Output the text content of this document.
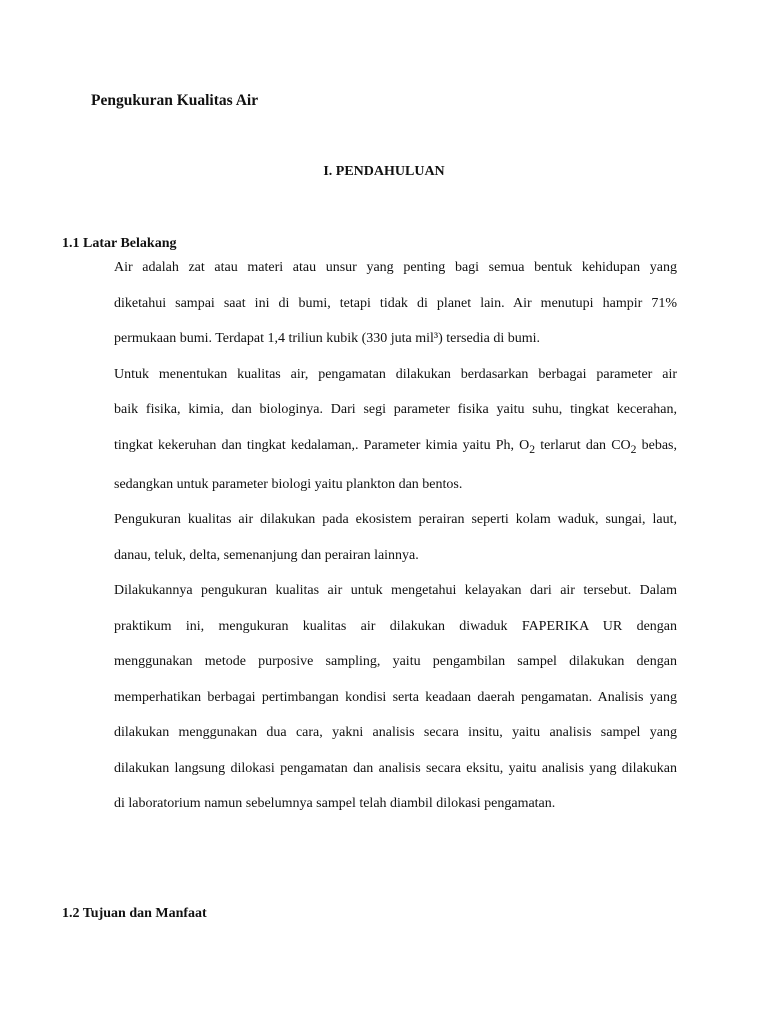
Pengukuran Kualitas Air
I. PENDAHULUAN
1.1 Latar Belakang

Air adalah zat atau materi atau unsur yang penting bagi semua bentuk kehidupan yang
diketahui sampai saat ini di bumi, tetapi tidak di planet lain. Air menutupi hampir 71%
permukaan bumi. Terdapat 1,4 triliun kubik (330 juta mil³) tersedia di bumi.

Untuk menentukan kualitas air, pengamatan dilakukan berdasarkan berbagai parameter air
baik fisika, kimia, dan biologinya. Dari segi parameter fisika yaitu suhu, tingkat kecerahan,
tingkat kekeruhan dan tingkat kedalaman,. Parameter kimia yaitu Ph, $O_2$ terlarut dan $CO_2$ bebas,
sedangkan untuk parameter biologi yaitu plankton dan bentos.

Pengukuran kualitas air dilakukan pada ekosistem perairan seperti kolam waduk, sungai, laut,
danau, teluk, delta, semenanjung dan perairan lainnya.

Dilakukannya pengukuran kualitas air untuk mengetahui kelayakan dari air tersebut. Dalam
praktikum ini, mengukuran kualitas air dilakukan diwaduk FAPERIKA UR dengan
menggunakan metode purposive sampling, yaitu pengambilan sampel dilakukan dengan
memperhatikan berbagai pertimbangan kondisi serta keadaan daerah pengamatan. Analisis yang
dilakukan menggunakan dua cara, yakni analisis secara insitu, yaitu analisis sampel yang
dilakukan langsung dilokasi pengamatan dan analisis secara eksitu, yaitu analisis yang dilakukan
di laboratorium namun sebelumnya sampel telah diambil dilokasi pengamatan.

1.2 Tujuan dan Manfaat
